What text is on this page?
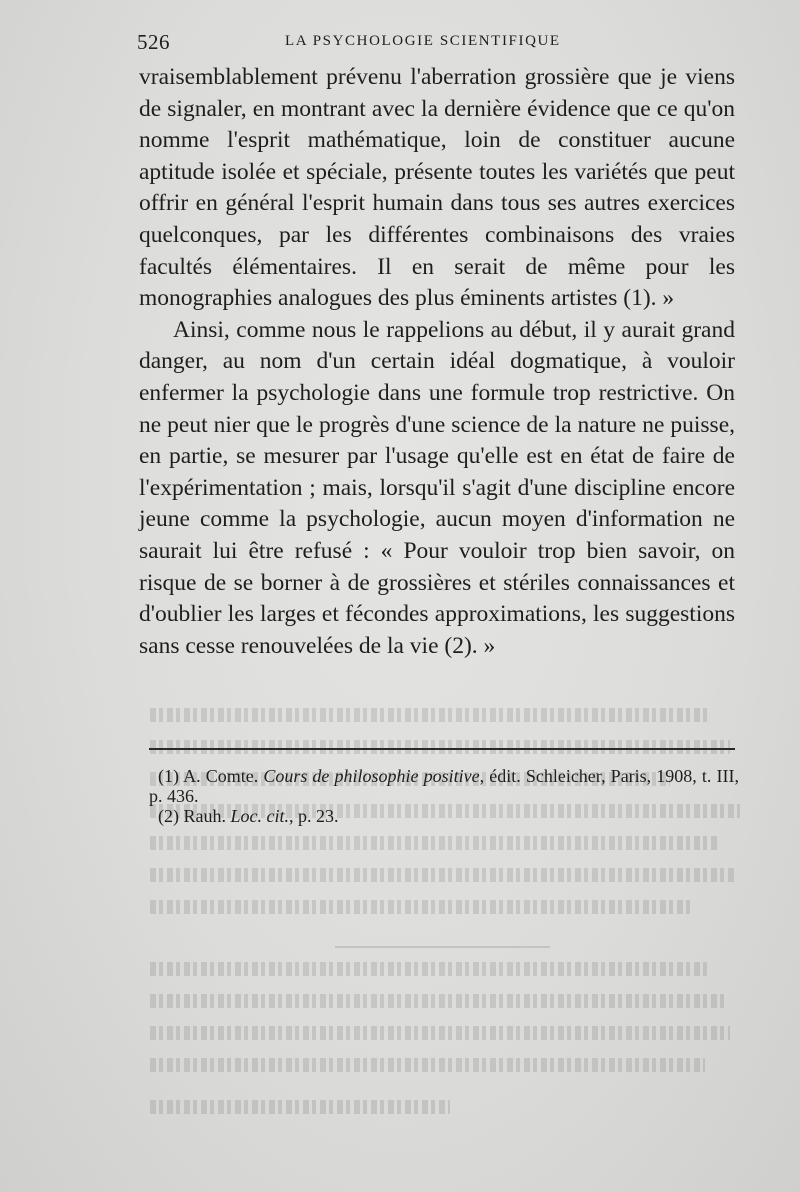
526	LA PSYCHOLOGIE SCIENTIFIQUE

vraisemblablement prévenu l'aberration grossière que je viens de signaler, en montrant avec la dernière évidence que ce qu'on nomme l'esprit mathématique, loin de constituer aucune aptitude isolée et spéciale, présente toutes les variétés que peut offrir en général l'esprit humain dans tous ses autres exercices quelconques, par les différentes combinaisons des vraies facultés élémentaires. Il en serait de même pour les monographies analogues des plus éminents artistes (1). »

Ainsi, comme nous le rappelions au début, il y aurait grand danger, au nom d'un certain idéal dogmatique, à vouloir enfermer la psychologie dans une formule trop restrictive. On ne peut nier que le progrès d'une science de la nature ne puisse, en partie, se mesurer par l'usage qu'elle est en état de faire de l'expérimentation ; mais, lorsqu'il s'agit d'une discipline encore jeune comme la psychologie, aucun moyen d'information ne saurait lui être refusé : « Pour vouloir trop bien savoir, on risque de se borner à de grossières et stériles connaissances et d'oublier les larges et fécondes approximations, les suggestions sans cesse renouvelées de la vie (2). »

(1) A. Comte. Cours de philosophie positive, édit. Schleicher, Paris, 1908, t. III, p. 436.

(2) Rauh. Loc. cit., p. 23.
